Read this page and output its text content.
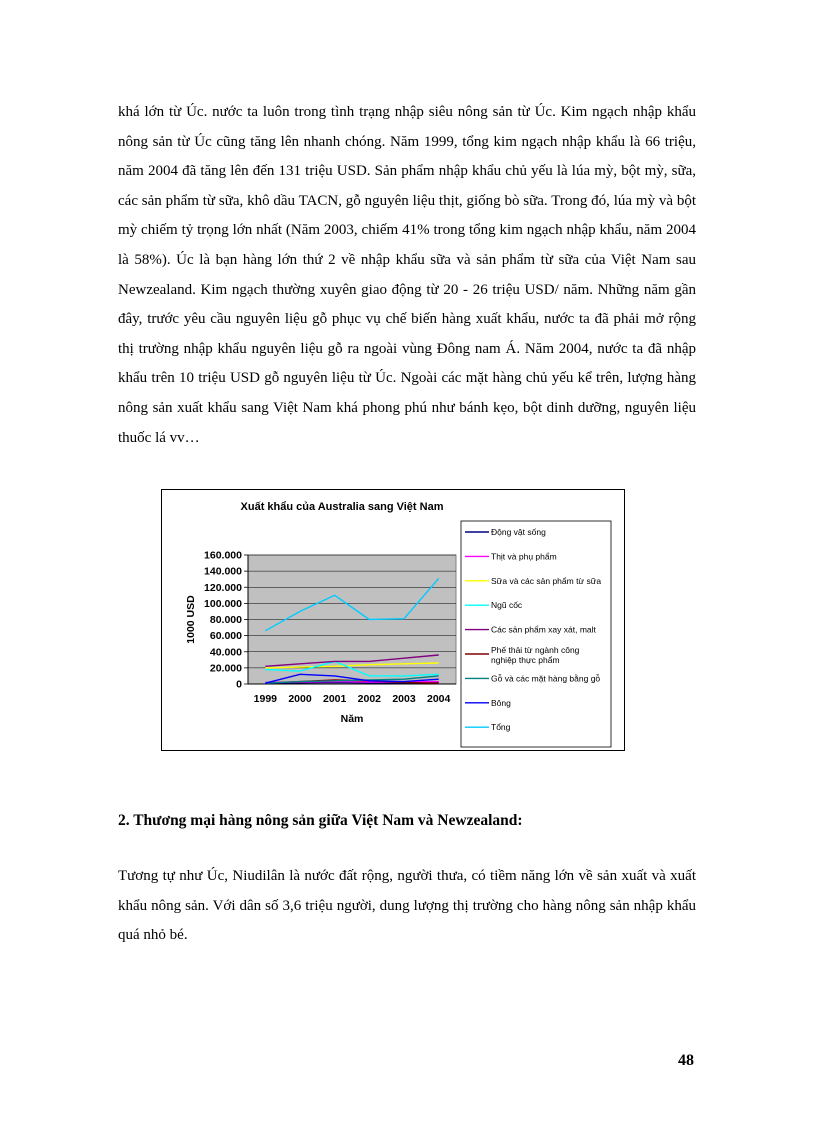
khá lớn từ Úc. nước ta luôn trong tình trạng nhập siêu nông sản từ Úc. Kim ngạch nhập khẩu nông sản từ Úc cũng tăng lên nhanh chóng. Năm 1999, tổng kim ngạch nhập khẩu là 66 triệu, năm 2004 đã tăng lên đến 131 triệu USD. Sản phẩm nhập khẩu chủ yếu là lúa mỳ, bột mỳ, sữa, các sản phẩm từ sữa, khô dầu TACN, gỗ nguyên liệu thịt, giống bò sữa. Trong đó, lúa mỳ và bột mỳ chiếm tỷ trọng lớn nhất (Năm 2003, chiếm 41% trong tổng kim ngạch nhập khẩu, năm 2004 là 58%). Úc là bạn hàng lớn thứ 2 về nhập khẩu sữa và sản phẩm từ sữa của Việt Nam sau Newzealand. Kim ngạch thường xuyên giao động từ 20 - 26 triệu USD/ năm. Những năm gần đây, trước yêu cầu nguyên liệu gỗ phục vụ chế biến hàng xuất khẩu, nước ta đã phải mở rộng thị trường nhập khẩu nguyên liệu gỗ ra ngoài vùng Đông nam Á. Năm 2004, nước ta đã nhập khẩu trên 10 triệu USD gỗ nguyên liệu từ Úc. Ngoài các mặt hàng chủ yếu kể trên, lượng hàng nông sản xuất khẩu sang Việt Nam khá phong phú như bánh kẹo, bột dinh dưỡng, nguyên liệu thuốc lá vv…
Xuất khẩu của Australia sang Việt Nam
0
20.000
40.000
60.000
80.000
100.000
120.000
140.000
160.000
1999 2000 2001 2002 2003 2004
Năm
1000 USD
Động vật sống
Thịt và phụ phẩm
Sữa và các sản phẩm từ sữa
Ngũ cốc
Các sản phẩm xay xát, malt
Phế thải từ ngành công nghiệp thực phẩm
Gỗ và các mặt hàng bằng gỗ
Bông
Tổng
2. Thương mại hàng nông sản giữa Việt Nam và Newzealand:
Tương tự như Úc, Niudilân là nước đất rộng, người thưa, có tiềm năng lớn về sản xuất và xuất khẩu nông sản. Với dân số 3,6 triệu người, dung lượng thị trường cho hàng nông sản nhập khẩu quá nhỏ bé.
48
